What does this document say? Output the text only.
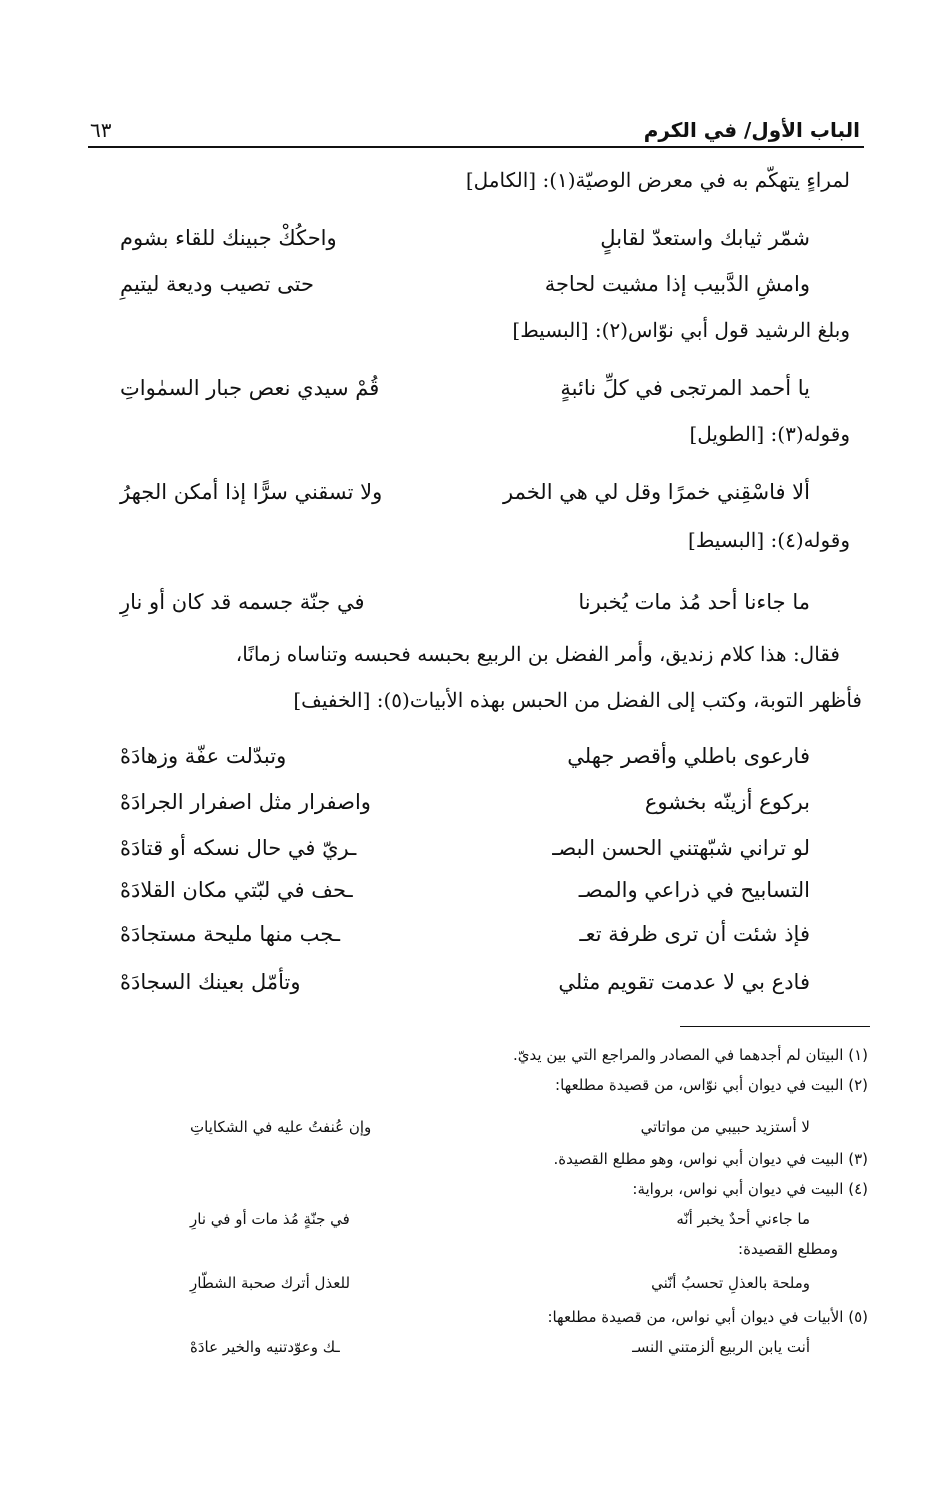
الباب الأول/ في الكرم
٦٣
لمراءٍ يتهكّم به في معرض الوصيّة(١): [الكامل]
شمّر ثيابك واستعدّ لقابلٍ
واحكُكْ جبينك للقاء بشوم
وامشِ الدَّبيب إذا مشيت لحاجة
حتى تصيب وديعة ليتيمِ
وبلغ الرشيد قول أبي نوّاس(٢): [البسيط]
يا أحمد المرتجى في كلِّ نائبةٍ
قُمْ سيدي نعص جبار السمٰواتِ
وقوله(٣): [الطويل]
ألا فاسْقِني خمرًا وقل لي هي الخمر
ولا تسقني سرًّا إذا أمكن الجهرُ
وقوله(٤): [البسيط]
ما جاءنا أحد مُذ مات يُخبرنا
في جنّة جسمه قد كان أو نارِ
فقال: هذا كلام زنديق، وأمر الفضل بن الربيع بحبسه فحبسه وتناساه زمانًا،
فأظهر التوبة، وكتب إلى الفضل من الحبس بهذه الأبيات(٥): [الخفيف]
فارعوى باطلي وأقصر جهلي
وتبدّلت عفّة وزهادَهْ
بركوع أزينّه بخشوع
واصفرار مثل اصفرار الجرادَهْ
لو تراني شبّهتني الحسن البصـ
ـريّ في حال نسكه أو قتادَهْ
التسابيح في ذراعي والمصـ
ـحف في لبّتي مكان القلادَهْ
فإذ شئت أن ترى ظرفة تعـ
ـجب منها مليحة مستجادَهْ
فادع بي لا عدمت تقويم مثلي
وتأمّل بعينك السجادَهْ
(١) البيتان لم أجدهما في المصادر والمراجع التي بين يديّ.
(٢) البيت في ديوان أبي نوّاس، من قصيدة مطلعها:
لا أستزيد حبيبي من مواتاتي
وإن عُنفتُ عليه في الشكاياتِ
(٣) البيت في ديوان أبي نواس، وهو مطلع القصيدة.
(٤) البيت في ديوان أبي نواس، برواية:
ما جاءني أحدٌ يخبر أنّه
في جنّةٍ مُذ مات أو في نارِ
ومطلع القصيدة:
وملحة بالعذلِ تحسبُ أنّني
للعذل أترك صحبة الشطّارِ
(٥) الأبيات في ديوان أبي نواس، من قصيدة مطلعها:
أنت يابن الربيع ألزمتني النسـ
ـك وعوّدتنيه والخير عادَهْ
